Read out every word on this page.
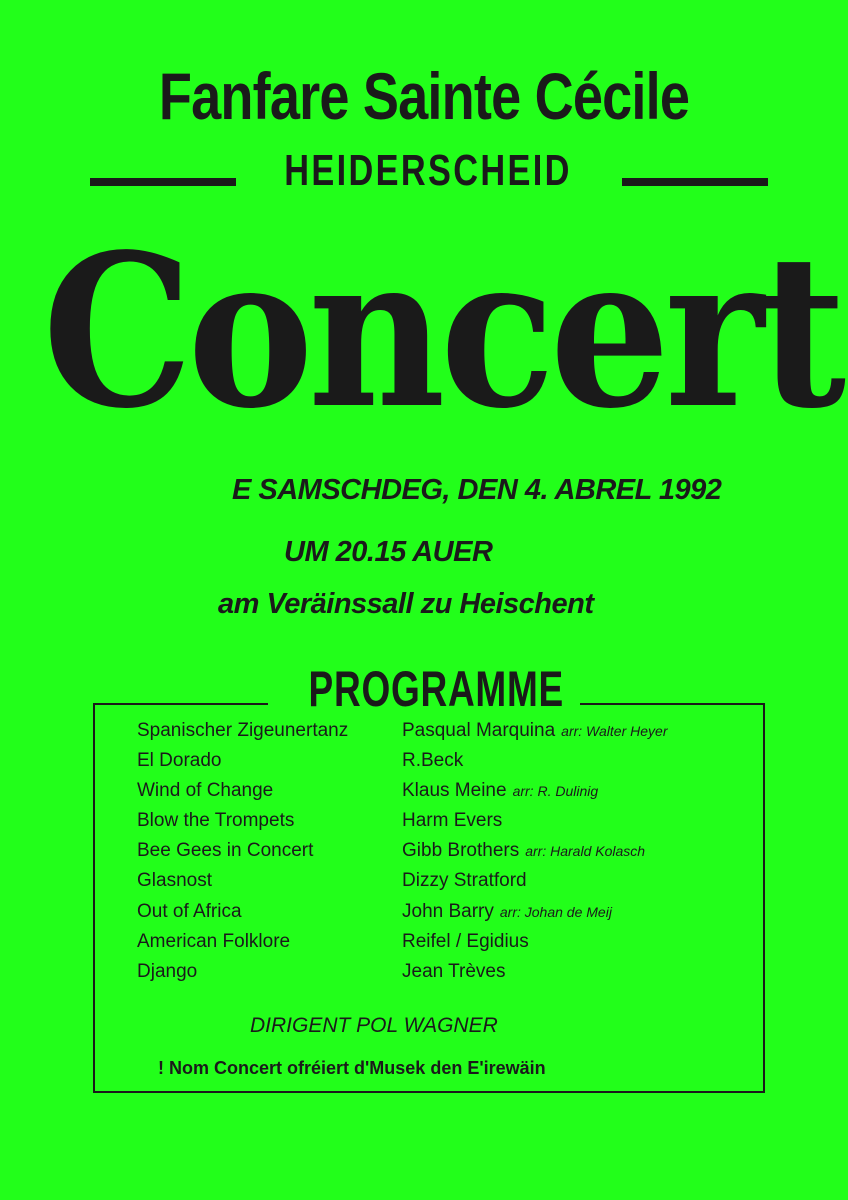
Fanfare Sainte Cécile
HEIDERSCHEID
Concert
E SAMSCHDEG, DEN 4. ABREL 1992
UM 20.15 AUER
am Veräinssall zu Heischent
PROGRAMME
Spanischer Zigeunertanz	Pasqual Marquina arr: Walter Heyer
El Dorado	R.Beck
Wind of Change	Klaus Meine arr: R. Dulinig
Blow the Trompets	Harm Evers
Bee Gees in Concert	Gibb Brothers arr: Harald Kolasch
Glasnost	Dizzy Stratford
Out of Africa	John Barry arr: Johan de Meij
American Folklore	Reifel / Egidius
Django	Jean Trèves
DIRIGENT POL WAGNER
! Nom Concert ofréiert d'Musek den E'irewäin
